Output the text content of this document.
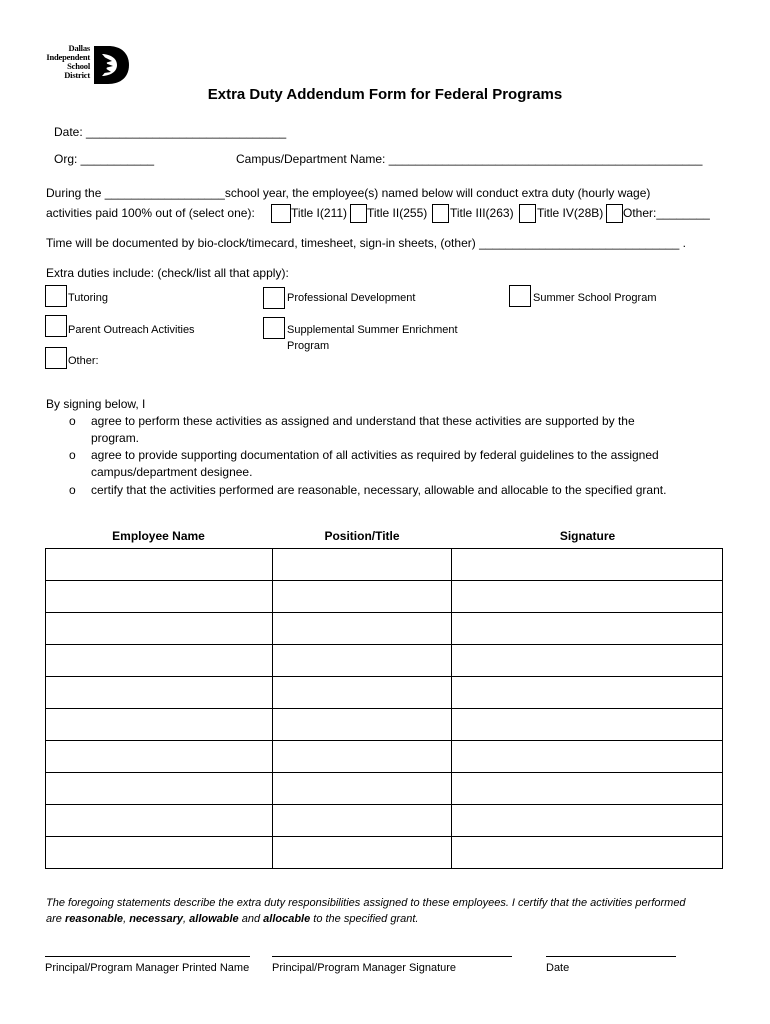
Dallas
Independent
School
District
Extra Duty Addendum Form for Federal Programs
Date: ______________________________
Org: ___________	Campus/Department Name: _______________________________________________
During the __________________school year, the employee(s) named below will conduct extra duty (hourly wage)
activities paid 100% out of (select one):	Title I(211) Title II(255) Title III(263) Title IV(28B) Other:________
Time will be documented by bio-clock/timecard, timesheet, sign-in sheets, (other) ______________________________ .
Extra duties include: (check/list all that apply):
Tutoring	Professional Development	Summer School Program
Parent Outreach Activities	Supplemental Summer Enrichment
Program
Other:
By signing below, I
o agree to perform these activities as assigned and understand that these activities are supported by the
program.
o agree to provide supporting documentation of all activities as required by federal guidelines to the assigned
campus/department designee.
o certify that the activities performed are reasonable, necessary, allowable and allocable to the specified grant.
Employee Name	Position/Title	Signature

The foregoing statements describe the extra duty responsibilities assigned to these employees. I certify that the activities performed
are reasonable, necessary, allowable and allocable to the specified grant.
Principal/Program Manager Printed Name Principal/Program Manager Signature	Date
